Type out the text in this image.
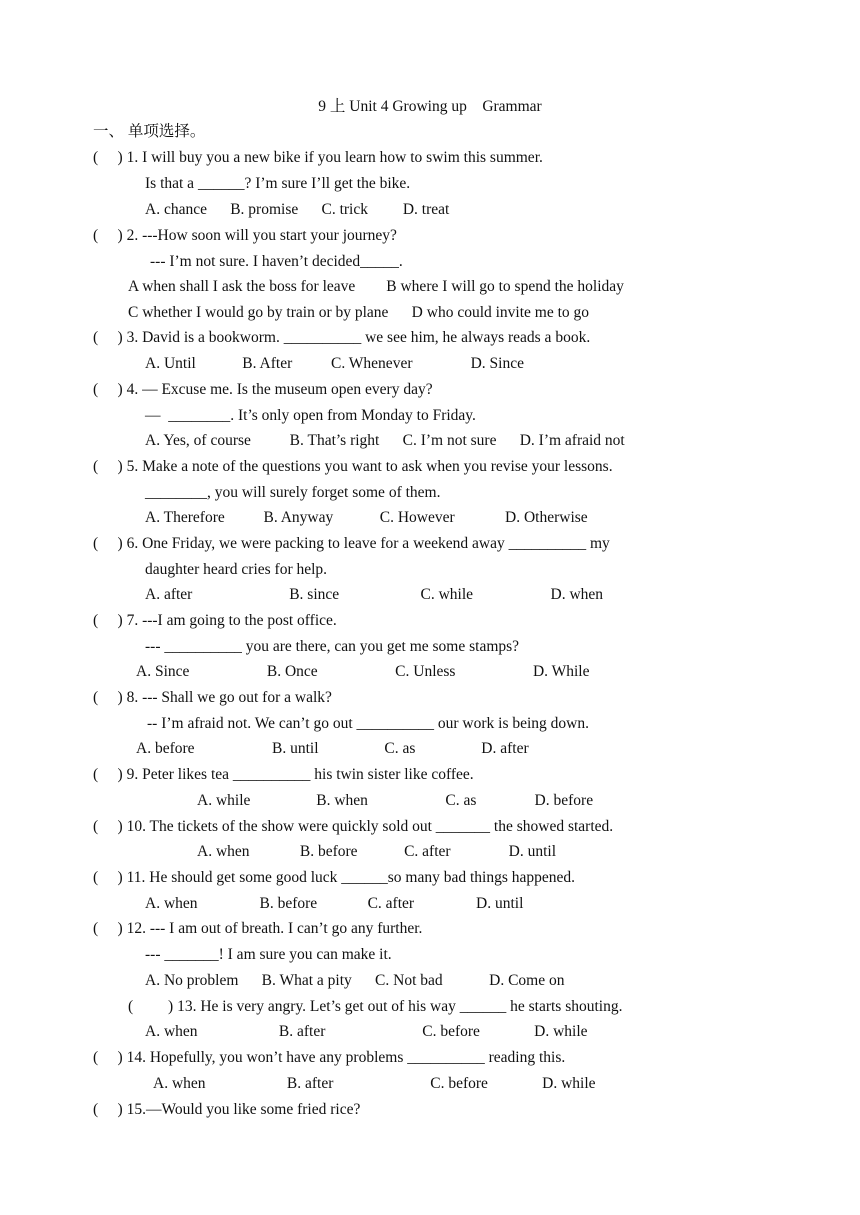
9 上 Unit 4 Growing up    Grammar
一、 单项选择。
(     ) 1. I will buy you a new bike if you learn how to swim this summer.
Is that a ______? I’m sure I’ll get the bike.
A. chance      B. promise      C. trick         D. treat
(     ) 2. ---How soon will you start your journey?
--- I’m not sure. I haven’t decided_____.
A when shall I ask the boss for leave        B where I will go to spend the holiday
C whether I would go by train or by plane      D who could invite me to go
(     ) 3. David is a bookworm. __________ we see him, he always reads a book.
A. Until            B. After          C. Whenever               D. Since
(     ) 4. — Excuse me. Is the museum open every day?
—  ________. It’s only open from Monday to Friday.
A. Yes, of course          B. That’s right      C. I’m not sure      D. I’m afraid not
(     ) 5. Make a note of the questions you want to ask when you revise your lessons.
________, you will surely forget some of them.
A. Therefore          B. Anyway            C. However             D. Otherwise
(     ) 6. One Friday, we were packing to leave for a weekend away __________ my
daughter heard cries for help.
A. after                         B. since                     C. while                    D. when
(     ) 7. ---I am going to the post office.
--- __________ you are there, can you get me some stamps?
A. Since                    B. Once                    C. Unless                    D. While
(     ) 8. --- Shall we go out for a walk?
-- I’m afraid not. We can’t go out __________ our work is being down.
A. before                    B. until                 C. as                 D. after
(     ) 9. Peter likes tea __________ his twin sister like coffee.
A. while                 B. when                    C. as               D. before
(     ) 10. The tickets of the show were quickly sold out _______ the showed started.
A. when             B. before            C. after               D. until
(     ) 11. He should get some good luck ______so many bad things happened.
A. when                B. before             C. after                D. until
(     ) 12. --- I am out of breath. I can’t go any further.
--- _______! I am sure you can make it.
A. No problem      B. What a pity      C. Not bad            D. Come on
(         ) 13. He is very angry. Let’s get out of his way ______ he starts shouting.
A. when                     B. after                         C. before              D. while
(     ) 14. Hopefully, you won’t have any problems __________ reading this.
A. when                     B. after                         C. before              D. while
(     ) 15.—Would you like some fried rice?
